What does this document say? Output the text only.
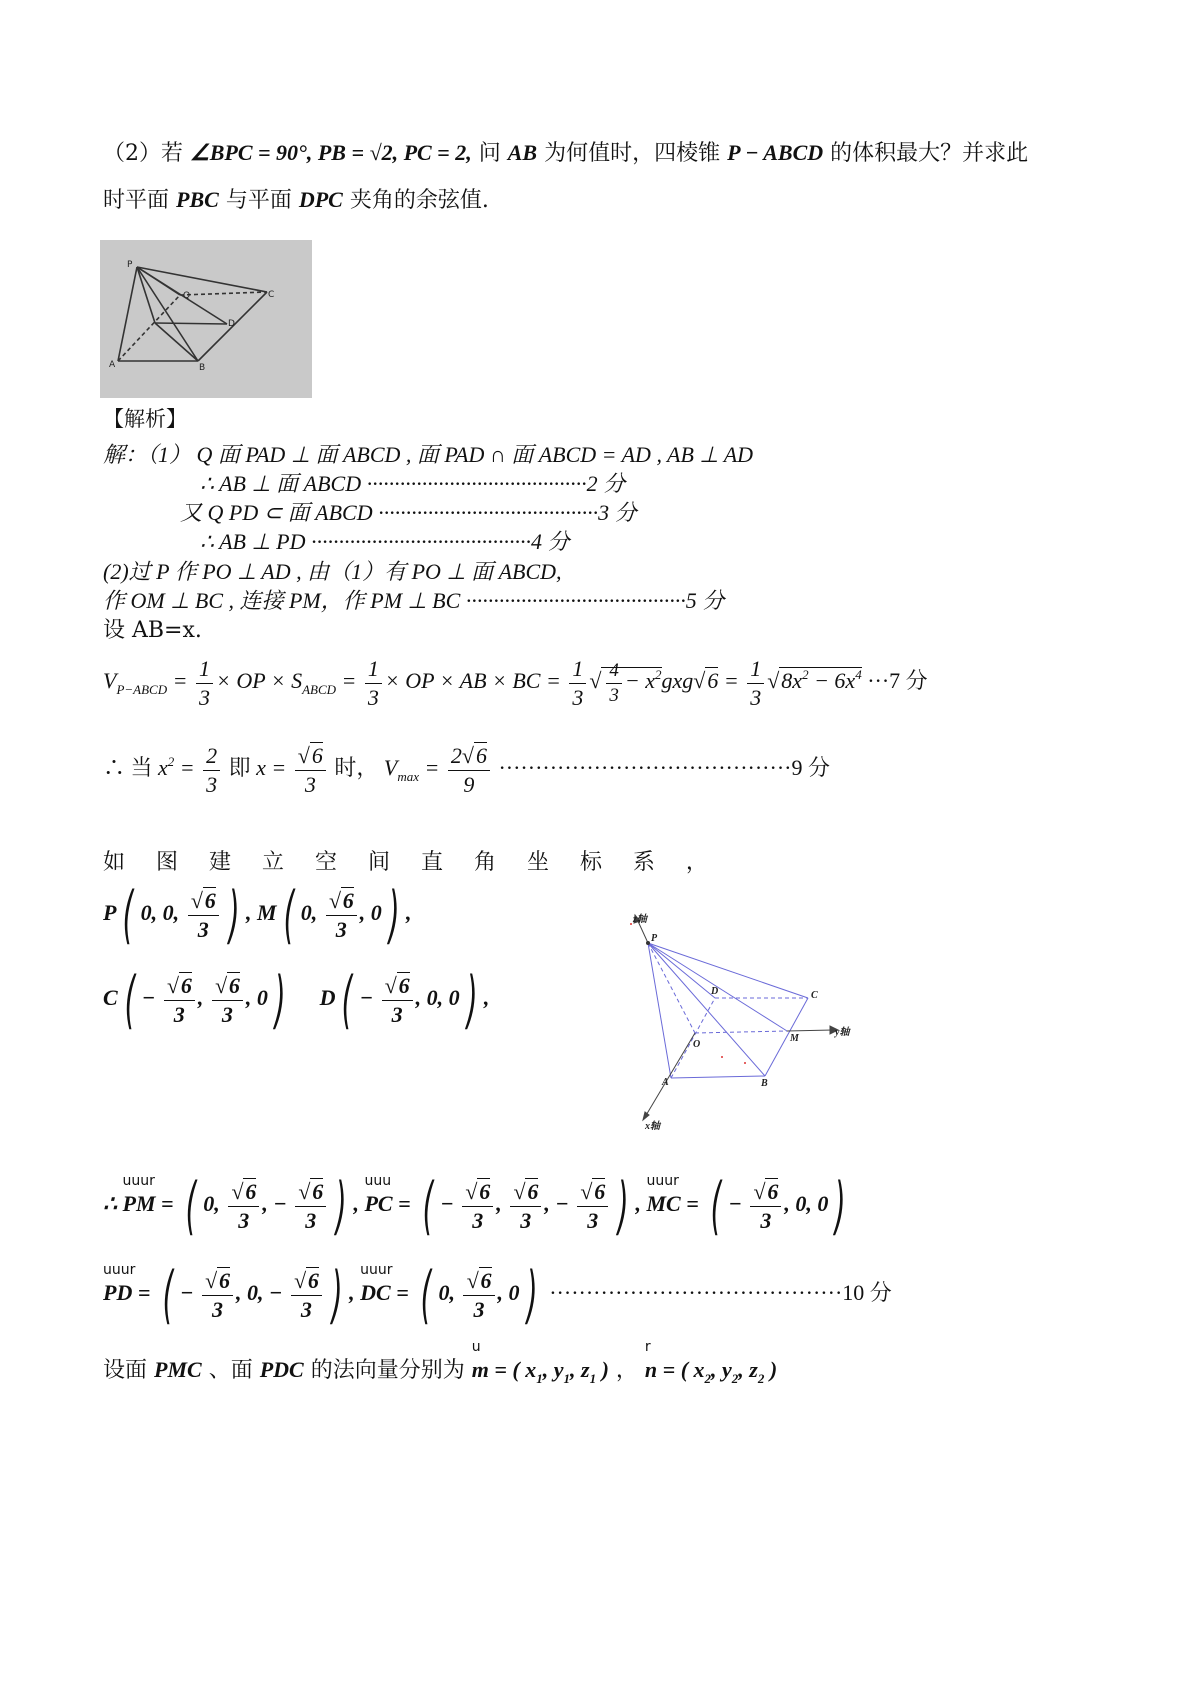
（2）若 ∠BPC = 90°, PB = √2, PC = 2, 问 AB 为何值时，四棱锥 P − ABCD 的体积最大？并求此
时平面 PBC 与平面 DPC 夹角的余弦值.
P
Q	C
D
A	B
【解析】
解：（1） Q 面 PAD ⊥ 面 ABCD , 面 PAD ∩ 面 ABCD = AD , AB ⊥ AD
∴ AB ⊥ 面 ABCD ········································2 分
又 Q PD ⊂ 面 ABCD ········································3 分
∴ AB ⊥ PD ········································4 分
(2)过 P 作 PO ⊥ AD , 由（1）有 PO ⊥ 面 ABCD,
作 OM ⊥ BC , 连接 PM，作 PM ⊥ BC ········································5 分
设 AB=x.
$V_{P-ABCD} = \frac{1}{3}$ × OP × $S_{ABCD} = \frac{1}{3}$ × OP × AB × BC = $\frac{1}{3}$ √ $\frac{4}{3} - x^2gxg√6 = \frac{1}{3} √8x^2 - 6x^4 \cdot\cdot\cdot 7$ 分
∴ 当 $x^2 = \frac{2}{3}$ 即 $x = \frac{√6}{3}$ 时， $V_{max} = \frac{2√6}{9} \cdot\cdot\cdot\cdot\cdot\cdot\cdot\cdot\cdot\cdot\cdot\cdot\cdot\cdot\cdot\cdot\cdot\cdot\cdot\cdot\cdot\cdot\cdot\cdot\cdot\cdot\cdot\cdot\cdot\cdot\cdot\cdot\cdot\cdot\cdot\cdot\cdot\cdot\cdot\cdot 9$ 分
如 图 建 立 空 间 直 角 坐 标 系 ，
P ( 0, 0, $\frac{√6}{3}$ ) , M ( 0, $\frac{√6}{3}$ , 0 ) ,
C ( − $\frac{√6}{3}$ , $\frac{√6}{3}$ , 0 )     D ( − $\frac{√6}{3}$ , 0, 0 ) ,
z轴
P
D	C
M
y轴
O
A	B
x轴
∴ PM
uuur
= ( 0, $\frac{√6}{3}$ , − $\frac{√6}{3}$ ) , PC
uuu
= ( − $\frac{√6}{3}$ , $\frac{√6}{3}$ , − $\frac{√6}{3}$ ) , MC
uuur
= ( − $\frac{√6}{3}$ , 0, 0 )
PD
uuur
= ( − $\frac{√6}{3}$ , 0, − $\frac{√6}{3}$ ) , DC
uuur
= ( 0, $\frac{√6}{3}$ , 0 ) ········································10 分
设面 PMC 、面 PDC 的法向量分别为 m
u
= ( $x_1$, $y_1$, $z_1$ ) ， n
r
= ( $x_2$, $y_2$, $z_2$ )
